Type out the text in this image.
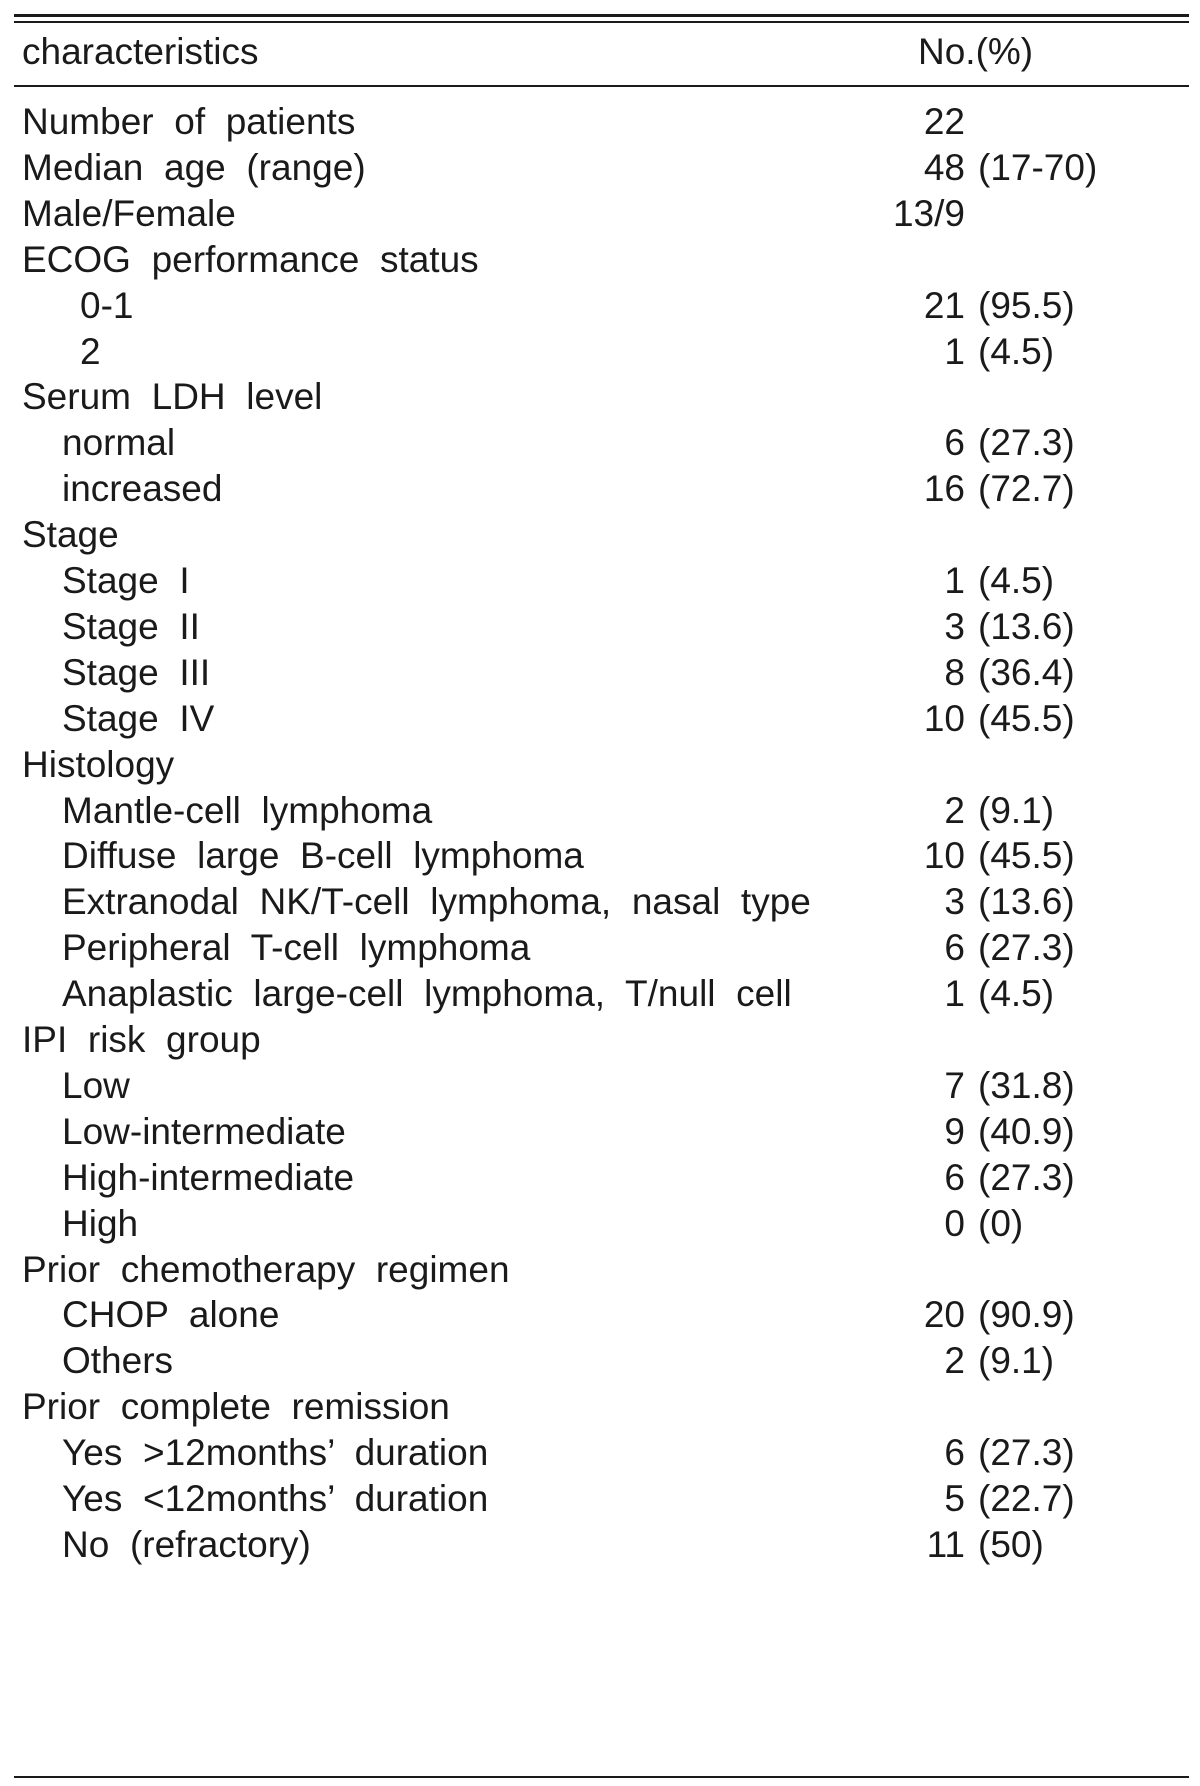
characteristics	No.(%)
Number of patients	22
Median age (range)	48 (17-70)
Male/Female	13/9
ECOG performance status
0-1	21 (95.5)
2	1 (4.5)
Serum LDH level
normal	6 (27.3)
increased	16 (72.7)
Stage
Stage I	1 (4.5)
Stage II	3 (13.6)
Stage III	8 (36.4)
Stage IV	10 (45.5)
Histology
Mantle-cell lymphoma	2 (9.1)
Diffuse large B-cell lymphoma	10 (45.5)
Extranodal NK/T-cell lymphoma, nasal type	3 (13.6)
Peripheral T-cell lymphoma	6 (27.3)
Anaplastic large-cell lymphoma, T/null cell	1 (4.5)
IPI risk group
Low	7 (31.8)
Low-intermediate	9 (40.9)
High-intermediate	6 (27.3)
High	0 (0)
Prior chemotherapy regimen
CHOP alone	20 (90.9)
Others	2 (9.1)
Prior complete remission
Yes >12months’ duration	6 (27.3)
Yes <12months’ duration	5 (22.7)
No (refractory)	11 (50)
